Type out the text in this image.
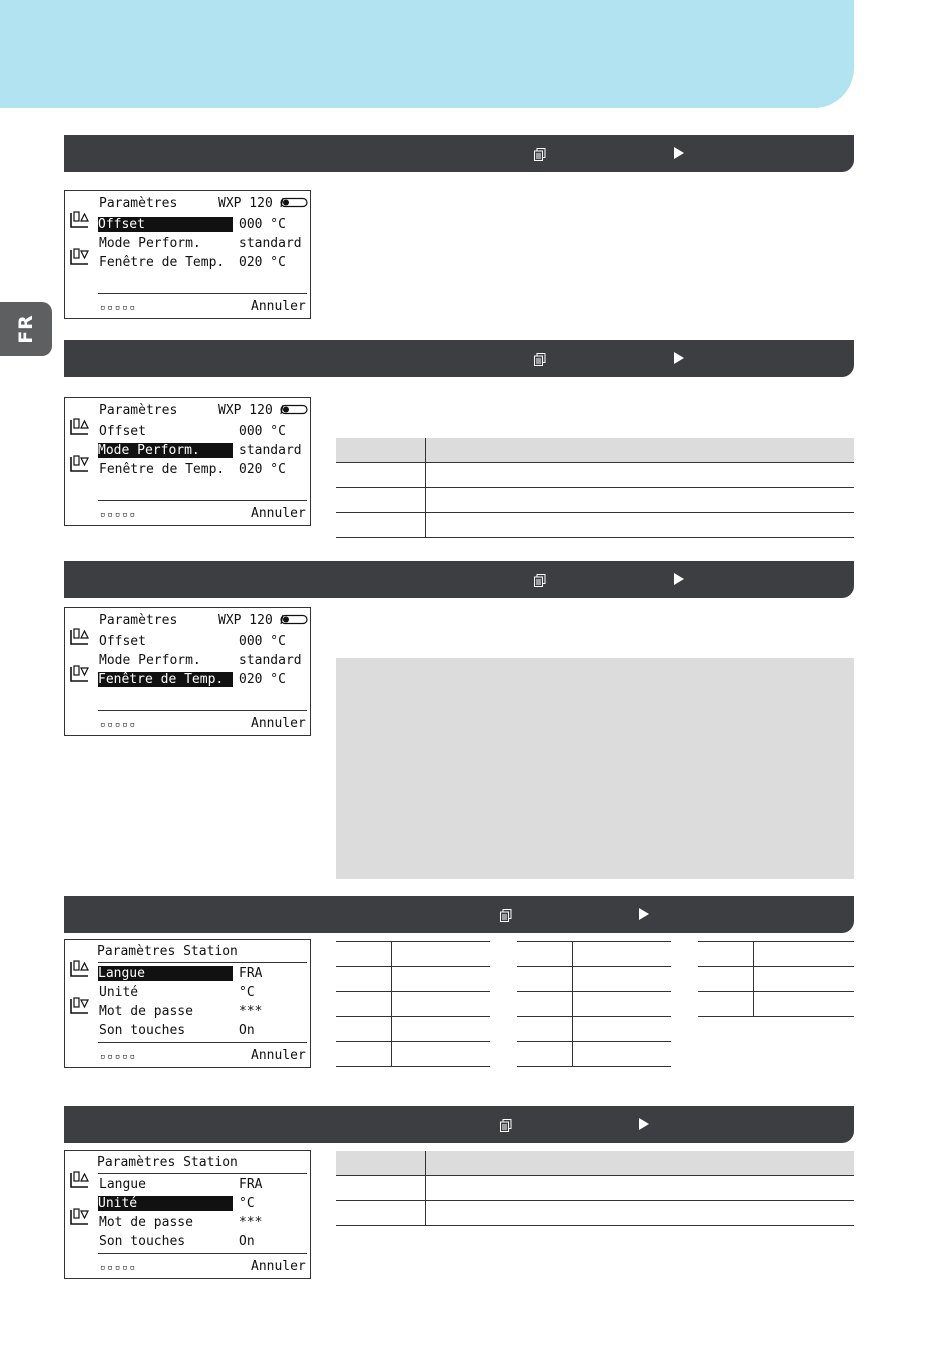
FR
Paramètres	WXP 120
Offset	000 °C
Mode Perform.	standard
Fenêtre de Temp. 020 °C
▫▫▫▫▫	Annuler
Paramètres	WXP 120
Offset	000 °C
Mode Perform.	standard
Fenêtre de Temp. 020 °C
▫▫▫▫▫	Annuler

Paramètres	WXP 120
Offset	000 °C
Mode Perform.	standard
Fenêtre de Temp.	020 °C
▫▫▫▫▫	Annuler
Paramètres Station
Langue	FRA
Unité	°C
Mot de passe	***
Son touches	On
▫▫▫▫▫	Annuler

Paramètres Station
Langue	FRA
Unité	°C
Mot de passe	***
Son touches	On
▫▫▫▫▫	Annuler
